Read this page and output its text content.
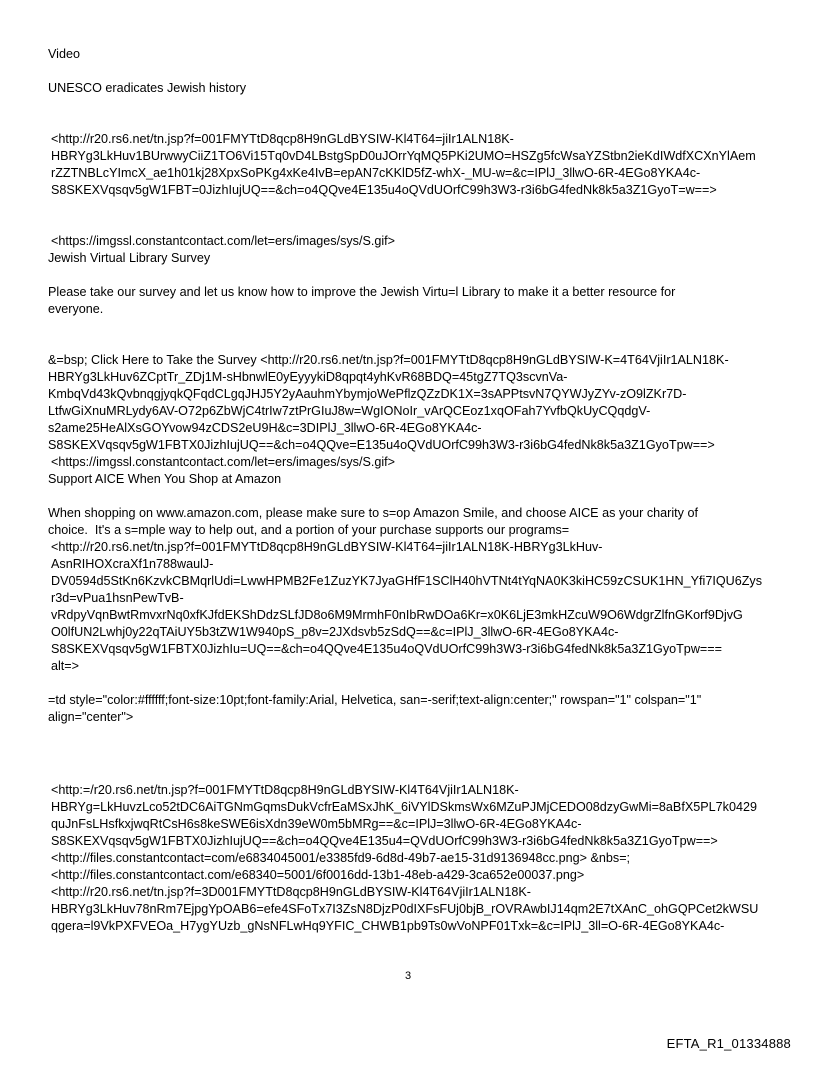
Video

UNESCO eradicates Jewish history

<http://r20.rs6.net/tn.jsp?f=001FMYTtD8qcp8H9nGLdBYSIW-Kl4T64=jiIr1ALN18K-
HBRYg3LkHuv1BUrwwyCiiZ1TO6Vi15Tq0vD4LBstgSpD0uJOrrYqMQ5PKi2UMO=HSZg5fcWsaYZStbn2ieKdIWdfXCXnYlAem
rZZTNBLcYImcX_ae1h01kj28XpxSoPKg4xKe4IvB=epAN7cKKlD5fZ-whX-_MU-w=&c=IPlJ_3llwO-6R-4EGo8YKA4c-
S8SKEXVqsqv5gW1FBT=0JizhIujUQ==&ch=o4QQve4E135u4oQVdUOrfC99h3W3-r3i6bG4fedNk8k5a3Z1GyoT=w==>

<https://imgssl.constantcontact.com/let=ers/images/sys/S.gif>

Jewish Virtual Library Survey

Please take our survey and let us know how to improve the Jewish Virtu=l Library to make it a better resource for
everyone.

&=bsp; Click Here to Take the Survey <http://r20.rs6.net/tn.jsp?f=001FMYTtD8qcp8H9nGLdBYSIW-K=4T64VjiIr1ALN18K-
HBRYg3LkHuv6ZCptTr_ZDj1M-sHbnwlE0yEyyykiD8qpqt4yhKvR68BDQ=45tgZ7TQ3scvnVa-
KmbqVd43kQvbnqgjyqkQFqdCLgqJHJ5Y2yAauhmYbymjoWePflzQZzDK1X=3sAPPtsvN7QYWJyZYv-zO9lZKr7D-
LtfwGiXnuMRLydy6AV-O72p6ZbWjC4trIw7ztPrGIuJ8w=WgIONoIr_vArQCEoz1xqOFah7YvfbQkUyCQqdgV-
s2ame25HeAlXsGOYvow94zCDS2eU9H&c=3DIPlJ_3llwO-6R-4EGo8YKA4c-
S8SKEXVqsqv5gW1FBTX0JizhIujUQ==&ch=o4QQve=E135u4oQVdUOrfC99h3W3-r3i6bG4fedNk8k5a3Z1GyoTpw==>

<https://imgssl.constantcontact.com/let=ers/images/sys/S.gif>

Support AICE When You Shop at Amazon

When shopping on www.amazon.com, please make sure to s=op Amazon Smile, and choose AICE as your charity of
choice.  It's a s=mple way to help out, and a portion of your purchase supports our programs=

<http://r20.rs6.net/tn.jsp?f=001FMYTtD8qcp8H9nGLdBYSIW-Kl4T64=jiIr1ALN18K-HBRYg3LkHuv-
AsnRIHOXcraXf1n788waulJ-
DV0594d5StKn6KzvkCBMqrlUdi=LwwHPMB2Fe1ZuzYK7JyaGHfF1SClH40hVTNt4tYqNA0K3kiHC59zCSUK1HN_Yfi7IQU6Zys
r3d=vPua1hsnPewTvB-
vRdpyVqnBwtRmvxrNq0xfKJfdEKShDdzSLfJD8o6M9MrmhF0nIbRwDOa6Kr=x0K6LjE3mkHZcuW9O6WdgrZlfnGKorf9DjvG
O0lfUN2Lwhj0y22qTAiUY5b3tZW1W940pS_p8v=2JXdsvb5zSdQ==&c=IPlJ_3llwO-6R-4EGo8YKA4c-
S8SKEXVqsqv5gW1FBTX0JizhIu=UQ==&ch=o4QQve4E135u4oQVdUOrfC99h3W3-r3i6bG4fedNk8k5a3Z1GyoTpw===
alt=>

=td style="color:#ffffff;font-size:10pt;font-family:Arial, Helvetica, san=-serif;text-align:center;" rowspan="1" colspan="1"
align="center">

<http:=/r20.rs6.net/tn.jsp?f=001FMYTtD8qcp8H9nGLdBYSIW-Kl4T64VjiIr1ALN18K-
HBRYg=LkHuvzLco52tDC6AiTGNmGqmsDukVcfrEaMSxJhK_6iVYlDSkmsWx6MZuPJMjCEDO08dzyGwMi=8aBfX5PL7k0429
quJnFsLHsfkxjwqRtCsH6s8keSWE6isXdn39eW0m5bMRg==&c=IPlJ=3llwO-6R-4EGo8YKA4c-
S8SKEXVqsqv5gW1FBTX0JizhIujUQ==&ch=o4QQve4E135u4=QVdUOrfC99h3W3-r3i6bG4fedNk8k5a3Z1GyoTpw==>
<http://files.constantcontact=com/e6834045001/e3385fd9-6d8d-49b7-ae15-31d9136948cc.png> &nbs=;
<http://files.constantcontact.com/e68340=5001/6f0016dd-13b1-48eb-a429-3ca652e00037.png>
<http://r20.rs6.net/tn.jsp?f=3D001FMYTtD8qcp8H9nGLdBYSIW-Kl4T64VjiIr1ALN18K-
HBRYg3LkHuv78nRm7EjpgYpOAB6=efe4SFoTx7I3ZsN8DjzP0dIXFsFUj0bjB_rOVRAwbIJ14qm2E7tXAnC_ohGQPCet2kWSU
qgera=l9VkPXFVEOa_H7ygYUzb_gNsNFLwHq9YFIC_CHWB1pb9Ts0wVoNPF01Txk=&c=IPlJ_3ll=O-6R-4EGo8YKA4c-

3
EFTA_R1_01334888
